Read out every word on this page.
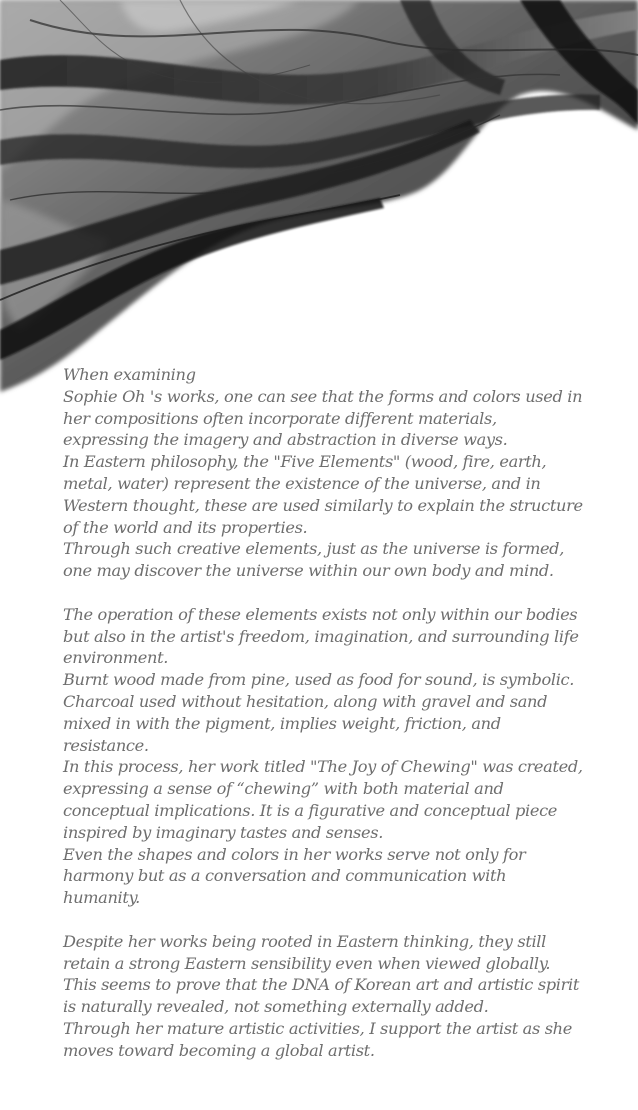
When examining

Sophie Oh 's works, one can see that the forms and colors used in her compositions often incorporate different materials, expressing the imagery and abstraction in diverse ways.

In Eastern philosophy, the "Five Elements" (wood, fire, earth, metal, water) represent the existence of the universe, and in Western thought, these are used similarly to explain the structure of the world and its properties.

Through such creative elements, just as the universe is formed, one may discover the universe within our own body and mind.

The operation of these elements exists not only within our bodies but also in the artist's freedom, imagination, and surrounding life environment.

Burnt wood made from pine, used as food for sound, is symbolic.

Charcoal used without hesitation, along with gravel and sand mixed in with the pigment, implies weight, friction, and resistance.

In this process, her work titled "The Joy of Chewing" was created, expressing a sense of “chewing” with both material and conceptual implications. It is a figurative and conceptual piece inspired by imaginary tastes and senses.

Even the shapes and colors in her works serve not only for harmony but as a conversation and communication with humanity.

Despite her works being rooted in Eastern thinking, they still retain a strong Eastern sensibility even when viewed globally. This seems to prove that the DNA of Korean art and artistic spirit is naturally revealed, not something externally added.

Through her mature artistic activities, I support the artist as she moves toward becoming a global artist.
